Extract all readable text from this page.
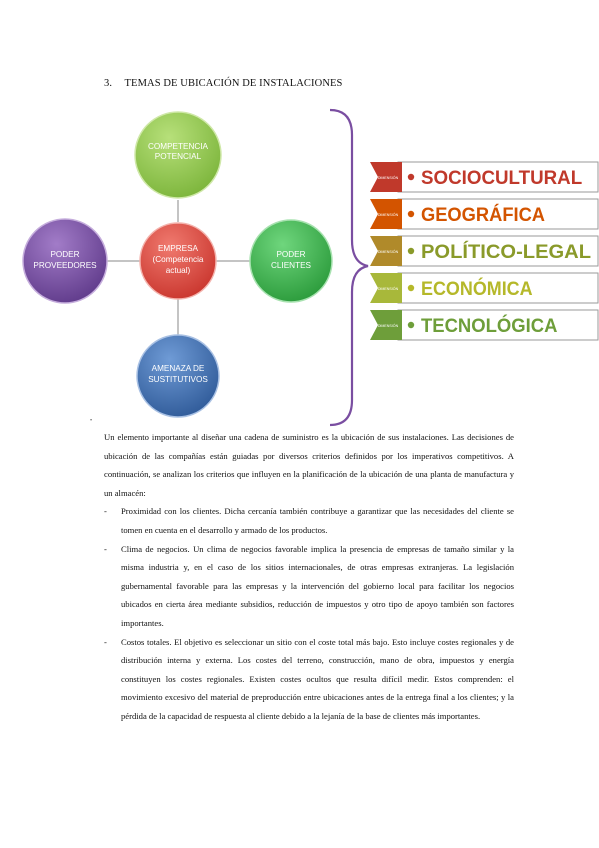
3. TEMAS DE UBICACIÓN DE INSTALACIONES
COMPETENCIA
POTENCIAL
EMPRESA
(Competencia
actual)
PODER
PROVEEDORES
PODER
CLIENTES
AMENAZA DE
SUSTITUTIVOS
DIMENSIÓN SOCIOCULTURAL
DIMENSIÓN GEOGRÁFICA
DIMENSIÓN POLÍTICO-LEGAL
DIMENSIÓN ECONÓMICA
DIMENSIÓN TECNOLÓGICA
•

Un elemento importante al diseñar una cadena de suministro es la ubicación de sus instalaciones. Las decisiones de ubicación de las compañías están guiadas por diversos criterios definidos por los imperativos competitivos. A continuación, se analizan los criterios que influyen en la planificación de la ubicación de una planta de manufactura y un almacén:

- Proximidad con los clientes. Dicha cercanía también contribuye a garantizar que las necesidades del cliente se tomen en cuenta en el desarrollo y armado de los productos.
- Clima de negocios. Un clima de negocios favorable implica la presencia de empresas de tamaño similar y la misma industria y, en el caso de los sitios internacionales, de otras empresas extranjeras. La legislación gubernamental favorable para las empresas y la intervención del gobierno local para facilitar los negocios ubicados en cierta área mediante subsidios, reducción de impuestos y otro tipo de apoyo también son factores importantes.
- Costos totales. El objetivo es seleccionar un sitio con el coste total más bajo. Esto incluye costes regionales y de distribución interna y externa. Los costes del terreno, construcción, mano de obra, impuestos y energía constituyen los costes regionales. Existen costes ocultos que resulta difícil medir. Estos comprenden: el movimiento excesivo del material de preproducción entre ubicaciones antes de la entrega final a los clientes; y la pérdida de la capacidad de respuesta al cliente debido a la lejanía de la base de clientes más importantes.
